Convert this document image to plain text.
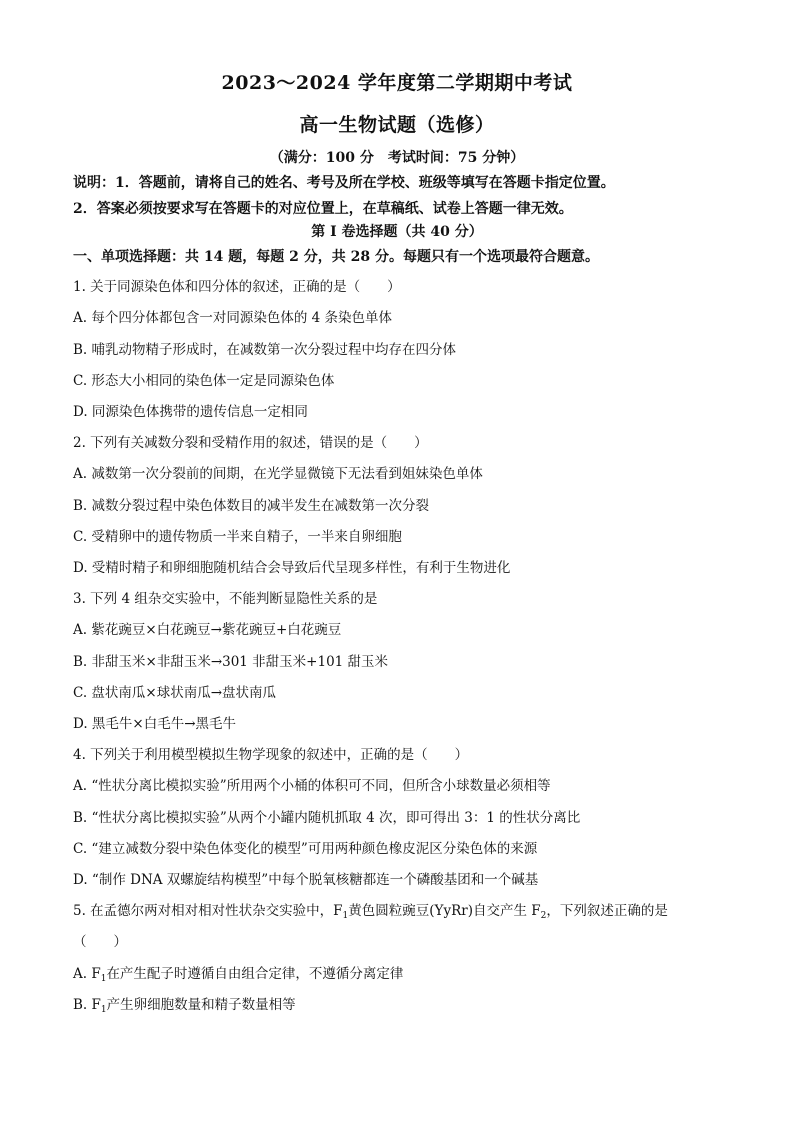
2023～2024 学年度第二学期期中考试
高一生物试题（选修）
（满分：100 分　考试时间：75 分钟）
说明：1．答题前，请将自己的姓名、考号及所在学校、班级等填写在答题卡指定位置。
2．答案必须按要求写在答题卡的对应位置上，在草稿纸、试卷上答题一律无效。
第 I 卷选择题（共 40 分）
一、单项选择题：共 14 题，每题 2 分，共 28 分。每题只有一个选项最符合题意。
1. 关于同源染色体和四分体的叙述，正确的是（　　）
A. 每个四分体都包含一对同源染色体的 4 条染色单体
B. 哺乳动物精子形成时，在减数第一次分裂过程中均存在四分体
C. 形态大小相同的染色体一定是同源染色体
D. 同源染色体携带的遗传信息一定相同
2. 下列有关减数分裂和受精作用的叙述，错误的是（　　）
A. 减数第一次分裂前的间期，在光学显微镜下无法看到姐妹染色单体
B. 减数分裂过程中染色体数目的减半发生在减数第一次分裂
C. 受精卵中的遗传物质一半来自精子，一半来自卵细胞
D. 受精时精子和卵细胞随机结合会导致后代呈现多样性，有利于生物进化
3. 下列 4 组杂交实验中，不能判断显隐性关系的是
A. 紫花豌豆×白花豌豆→紫花豌豆+白花豌豆
B. 非甜玉米×非甜玉米→301 非甜玉米+101 甜玉米
C. 盘状南瓜×球状南瓜→盘状南瓜
D. 黑毛牛×白毛牛→黑毛牛
4. 下列关于利用模型模拟生物学现象的叙述中，正确的是（　　）
A. “性状分离比模拟实验”所用两个小桶的体积可不同，但所含小球数量必须相等
B. “性状分离比模拟实验”从两个小罐内随机抓取 4 次，即可得出 3：1 的性状分离比
C. “建立减数分裂中染色体变化的模型”可用两种颜色橡皮泥区分染色体的来源
D. “制作 DNA 双螺旋结构模型”中每个脱氧核糖都连一个磷酸基团和一个碱基
5. 在孟德尔两对相对相对性状杂交实验中，$F_1$黄色圆粒豌豆(YyRr)自交产生 $F_2$，下列叙述正确的是
（　　）
A. $F_1$在产生配子时遵循自由组合定律，不遵循分离定律
B. $F_1$产生卵细胞数量和精子数量相等
